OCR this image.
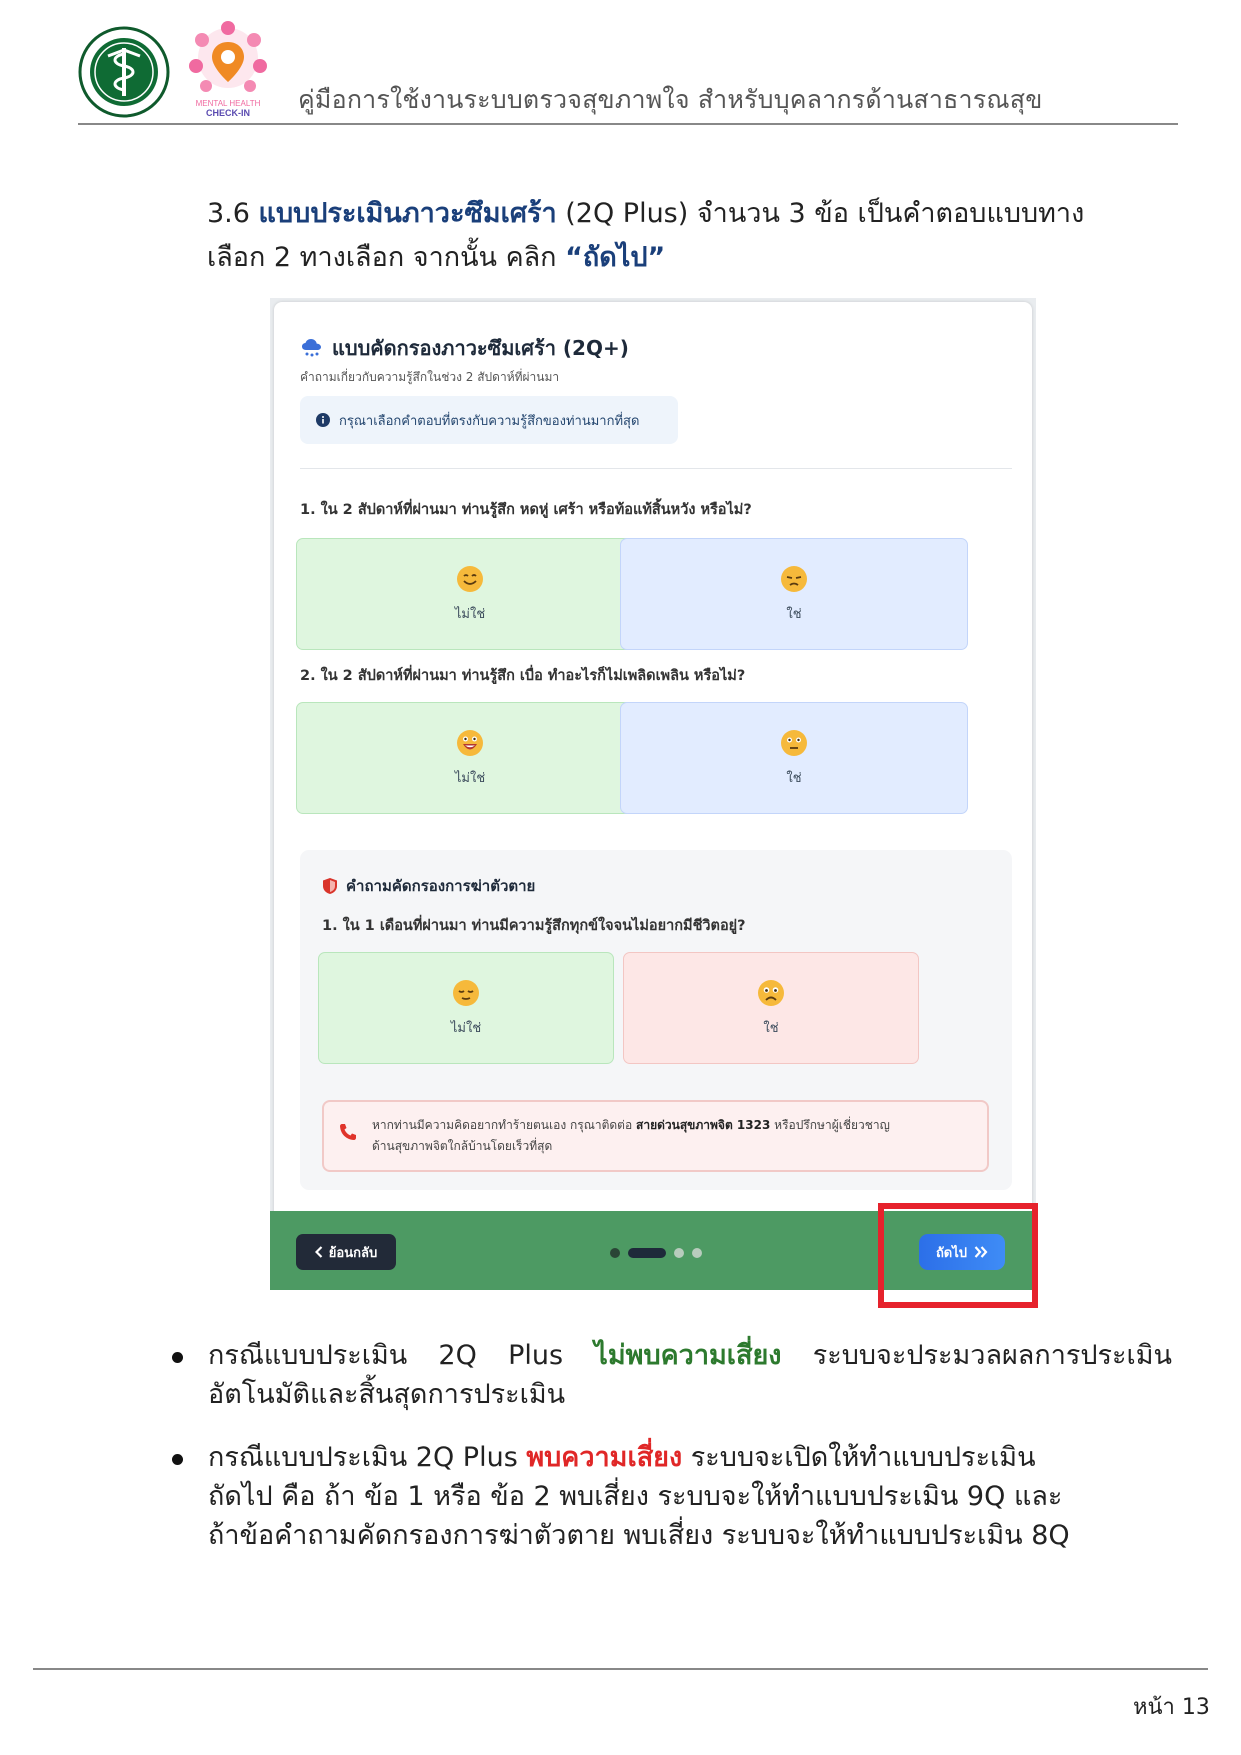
MENTAL HEALTH
CHECK-IN คู่มือการใช้งานระบบตรวจสุขภาพใจ สำหรับบุคลากรด้านสาธารณสุข
3.6 แบบประเมินภาวะซึมเศร้า (2Q Plus) จำนวน 3 ข้อ เป็นคำตอบแบบทาง
เลือก 2 ทางเลือก จากนั้น คลิก “ถัดไป”
แบบคัดกรองภาวะซึมเศร้า (2Q+)
คำถามเกี่ยวกับความรู้สึกในช่วง 2 สัปดาห์ที่ผ่านมา
กรุณาเลือกคำตอบที่ตรงกับความรู้สึกของท่านมากที่สุด
1. ใน 2 สัปดาห์ที่ผ่านมา ท่านรู้สึก หดหู่ เศร้า หรือท้อแท้สิ้นหวัง หรือไม่?
ไม่ใช่	ใช่
2. ใน 2 สัปดาห์ที่ผ่านมา ท่านรู้สึก เบื่อ ทำอะไรก็ไม่เพลิดเพลิน หรือไม่?
ไม่ใช่	ใช่
คำถามคัดกรองการฆ่าตัวตาย
1. ใน 1 เดือนที่ผ่านมา ท่านมีความรู้สึกทุกข์ใจจนไม่อยากมีชีวิตอยู่?
ไม่ใช่	ใช่
หากท่านมีความคิดอยากทำร้ายตนเอง กรุณาติดต่อ สายด่วนสุขภาพจิต 1323 หรือปรึกษาผู้เชี่ยวชาญ
ด้านสุขภาพจิตใกล้บ้านโดยเร็วที่สุด
ย้อนกลับ	ถัดไป
กรณีแบบประเมิน 2Q Plus ไม่พบความเสี่ยง ระบบจะประมวลผลการประเมินอัตโนมัติและสิ้นสุดการประเมิน
กรณีแบบประเมิน 2Q Plus พบความเสี่ยง ระบบจะเปิดให้ทำแบบประเมิน
ถัดไป คือ ถ้า ข้อ 1 หรือ ข้อ 2 พบเสี่ยง ระบบจะให้ทำแบบประเมิน 9Q และ
ถ้าข้อคำถามคัดกรองการฆ่าตัวตาย พบเสี่ยง ระบบจะให้ทำแบบประเมิน 8Q
หน้า 13
